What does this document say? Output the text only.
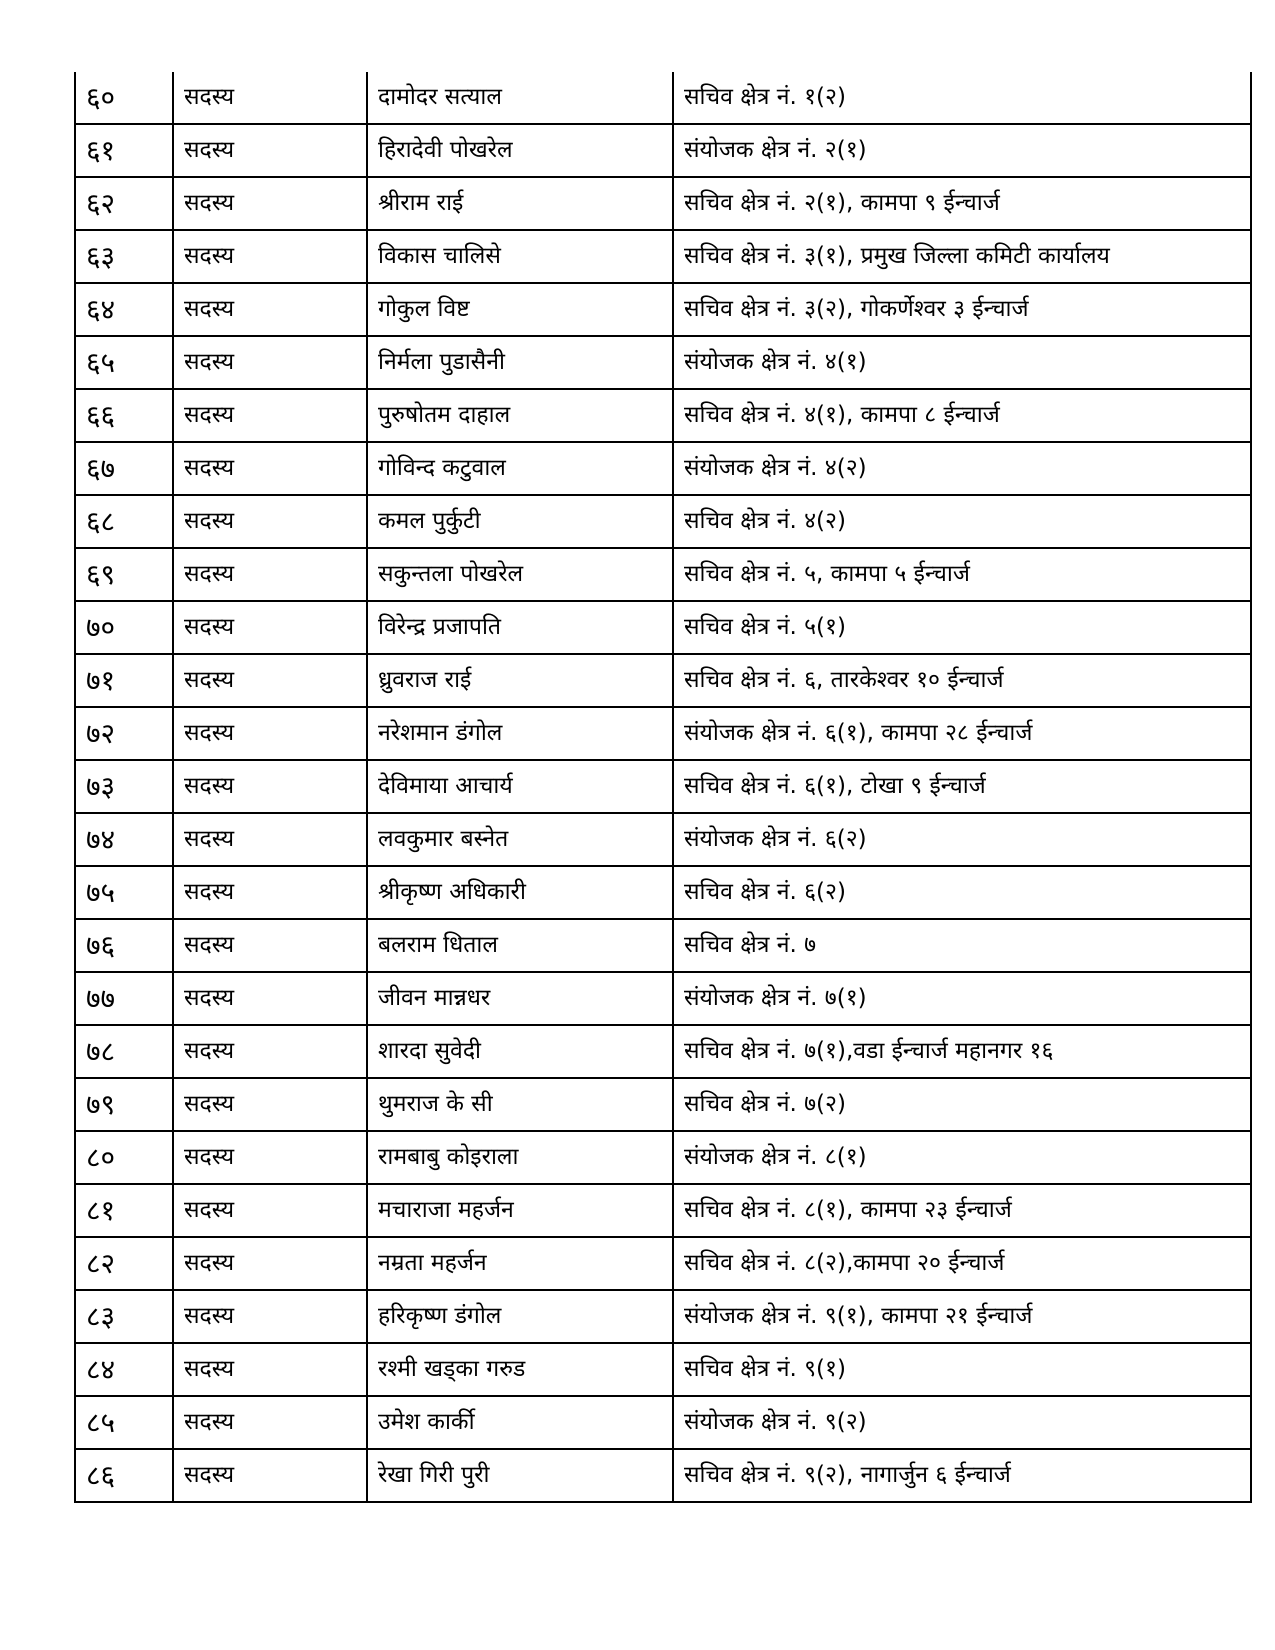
६०	सदस्य	दामोदर सत्याल	सचिव क्षेत्र नं. १(२)
६१	सदस्य	हिरादेवी पोखरेल	संयोजक क्षेत्र नं. २(१)
६२	सदस्य	श्रीराम राई	सचिव क्षेत्र नं. २(१), कामपा ९ ईन्चार्ज
६३	सदस्य	विकास चालिसे	सचिव क्षेत्र नं. ३(१), प्रमुख जिल्ला कमिटी कार्यालय
६४	सदस्य	गोकुल विष्ट	सचिव क्षेत्र नं. ३(२), गोकर्णेश्वर ३ ईन्चार्ज
६५	सदस्य	निर्मला पुडासैनी	संयोजक क्षेत्र नं. ४(१)
६६	सदस्य	पुरुषोतम दाहाल	सचिव क्षेत्र नं. ४(१), कामपा ८ ईन्चार्ज
६७	सदस्य	गोविन्द कटुवाल	संयोजक क्षेत्र नं. ४(२)
६८	सदस्य	कमल पुर्कुटी	सचिव क्षेत्र नं. ४(२)
६९	सदस्य	सकुन्तला पोखरेल	सचिव क्षेत्र नं. ५, कामपा ५ ईन्चार्ज
७०	सदस्य	विरेन्द्र प्रजापति	सचिव क्षेत्र नं. ५(१)
७१	सदस्य	ध्रुवराज राई	सचिव क्षेत्र नं. ६, तारकेश्वर १० ईन्चार्ज
७२	सदस्य	नरेशमान डंगोल	संयोजक क्षेत्र नं. ६(१), कामपा २८ ईन्चार्ज
७३	सदस्य	देविमाया आचार्य	सचिव क्षेत्र नं. ६(१), टोखा ९ ईन्चार्ज
७४	सदस्य	लवकुमार बस्नेत	संयोजक क्षेत्र नं. ६(२)
७५	सदस्य	श्रीकृष्ण अधिकारी	सचिव क्षेत्र नं. ६(२)
७६	सदस्य	बलराम धिताल	सचिव क्षेत्र नं. ७
७७	सदस्य	जीवन मान्नधर	संयोजक क्षेत्र नं. ७(१)
७८	सदस्य	शारदा सुवेदी	सचिव क्षेत्र नं. ७(१),वडा ईन्चार्ज महानगर १६
७९	सदस्य	थुमराज के सी	सचिव क्षेत्र नं. ७(२)
८०	सदस्य	रामबाबु कोइराला	संयोजक क्षेत्र नं. ८(१)
८१	सदस्य	मचाराजा महर्जन	सचिव क्षेत्र नं. ८(१), कामपा २३ ईन्चार्ज
८२	सदस्य	नम्रता महर्जन	सचिव क्षेत्र नं. ८(२),कामपा २० ईन्चार्ज
८३	सदस्य	हरिकृष्ण डंगोल	संयोजक क्षेत्र नं. ९(१), कामपा २१ ईन्चार्ज
८४	सदस्य	रश्मी खड्का गरुड	सचिव क्षेत्र नं. ९(१)
८५	सदस्य	उमेश कार्की	संयोजक क्षेत्र नं. ९(२)
८६	सदस्य	रेखा गिरी पुरी	सचिव क्षेत्र नं. ९(२), नागार्जुन ६ ईन्चार्ज
